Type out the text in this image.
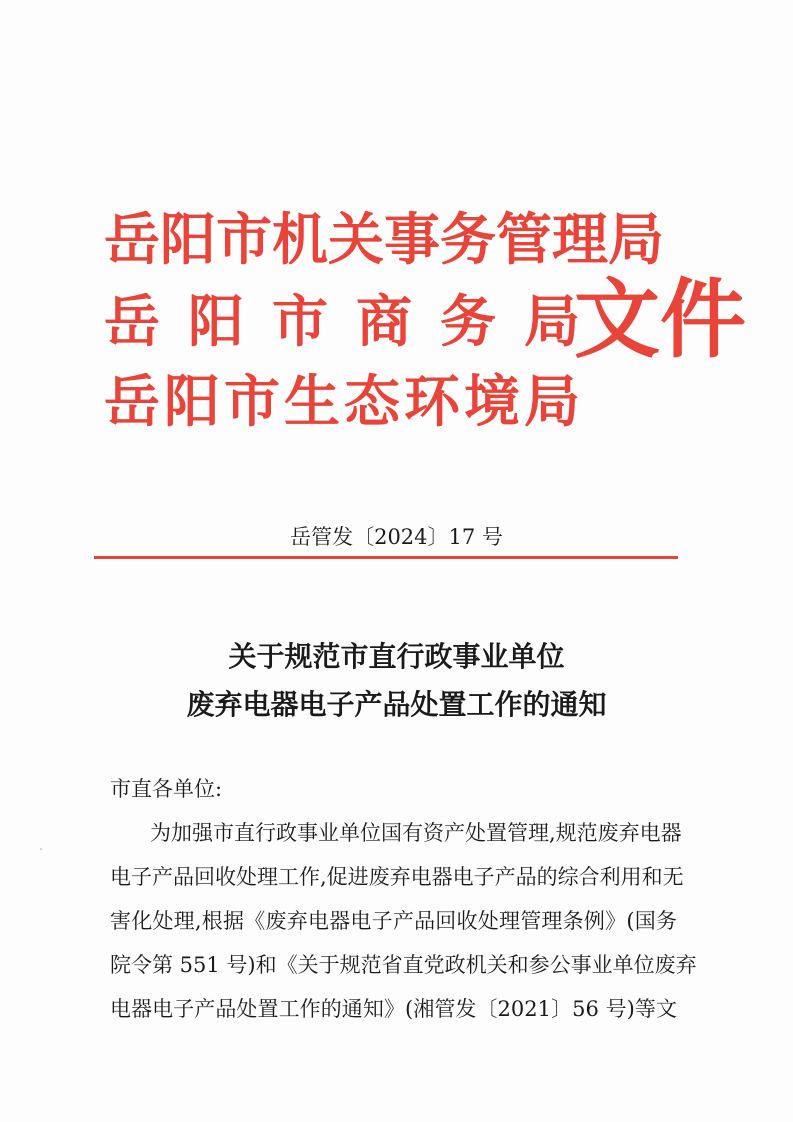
岳阳市机关事务管理局
岳阳市商务局
岳阳市生态环境局
文件
岳管发〔2024〕17 号
关于规范市直行政事业单位
废弃电器电子产品处置工作的通知
市直各单位:
为加强市直行政事业单位国有资产处置管理,规范废弃电器
电子产品回收处理工作,促进废弃电器电子产品的综合利用和无
害化处理,根据《废弃电器电子产品回收处理管理条例》(国务
院令第 551 号)和《关于规范省直党政机关和参公事业单位废弃
电器电子产品处置工作的通知》(湘管发〔2021〕56 号)等文
